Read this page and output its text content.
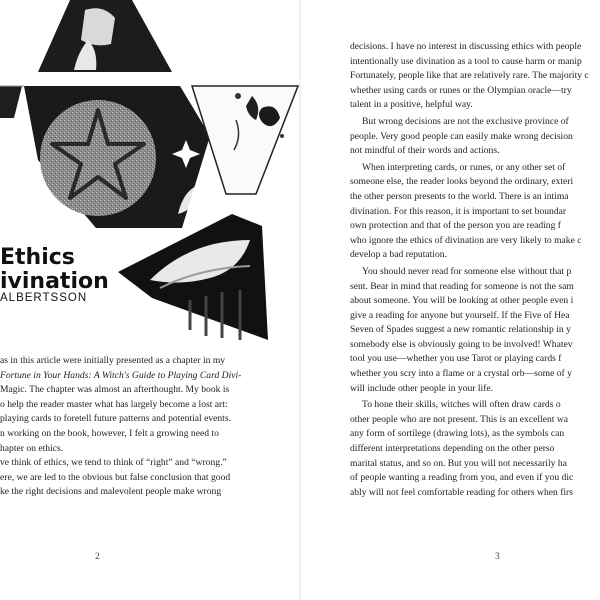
Ethics
ivination
ALBERTSSON

as in this article were initially presented as a chapter in my

Fortune in Your Hands: A Witch's Guide to Playing Card Divi-

Magic. The chapter was almost an afterthought. My book is

o help the reader master what has largely become a lost art:

playing cards to foretell future patterns and potential events.

n working on the book, however, I felt a growing need to

hapter on ethics.

ve think of ethics, we tend to think of “right” and “wrong.”

ere, we are led to the obvious but false conclusion that good

ke the right decisions and malevolent people make wrong

2

decisions. I have no interest in discussing ethics with people

intentionally use divination as a tool to cause harm or manip

Fortunately, people like that are relatively rare. The majority c

whether using cards or runes or the Olympian oracle—try

talent in a positive, helpful way.

But wrong decisions are not the exclusive province of

people. Very good people can easily make wrong decision

not mindful of their words and actions.

When interpreting cards, or runes, or any other set of

someone else, the reader looks beyond the ordinary, exteri

the other person presents to the world. There is an intima

divination. For this reason, it is important to set boundar

own protection and that of the person you are reading f

who ignore the ethics of divination are very likely to make c

develop a bad reputation.

You should never read for someone else without that p

sent. Bear in mind that reading for someone is not the sam

about someone. You will be looking at other people even i

give a reading for anyone but yourself. If the Five of Hea

Seven of Spades suggest a new romantic relationship in y

somebody else is obviously going to be involved! Whatev

tool you use—whether you use Tarot or playing cards f

whether you scry into a flame or a crystal orb—some of y

will include other people in your life.

To hone their skills, witches will often draw cards o

other people who are not present. This is an excellent wa

any form of sortilege (drawing lots), as the symbols can

different interpretations depending on the other perso

marital status, and so on. But you will not necessarily ha

of people wanting a reading from you, and even if you dic

ably will not feel comfortable reading for others when firs

3
